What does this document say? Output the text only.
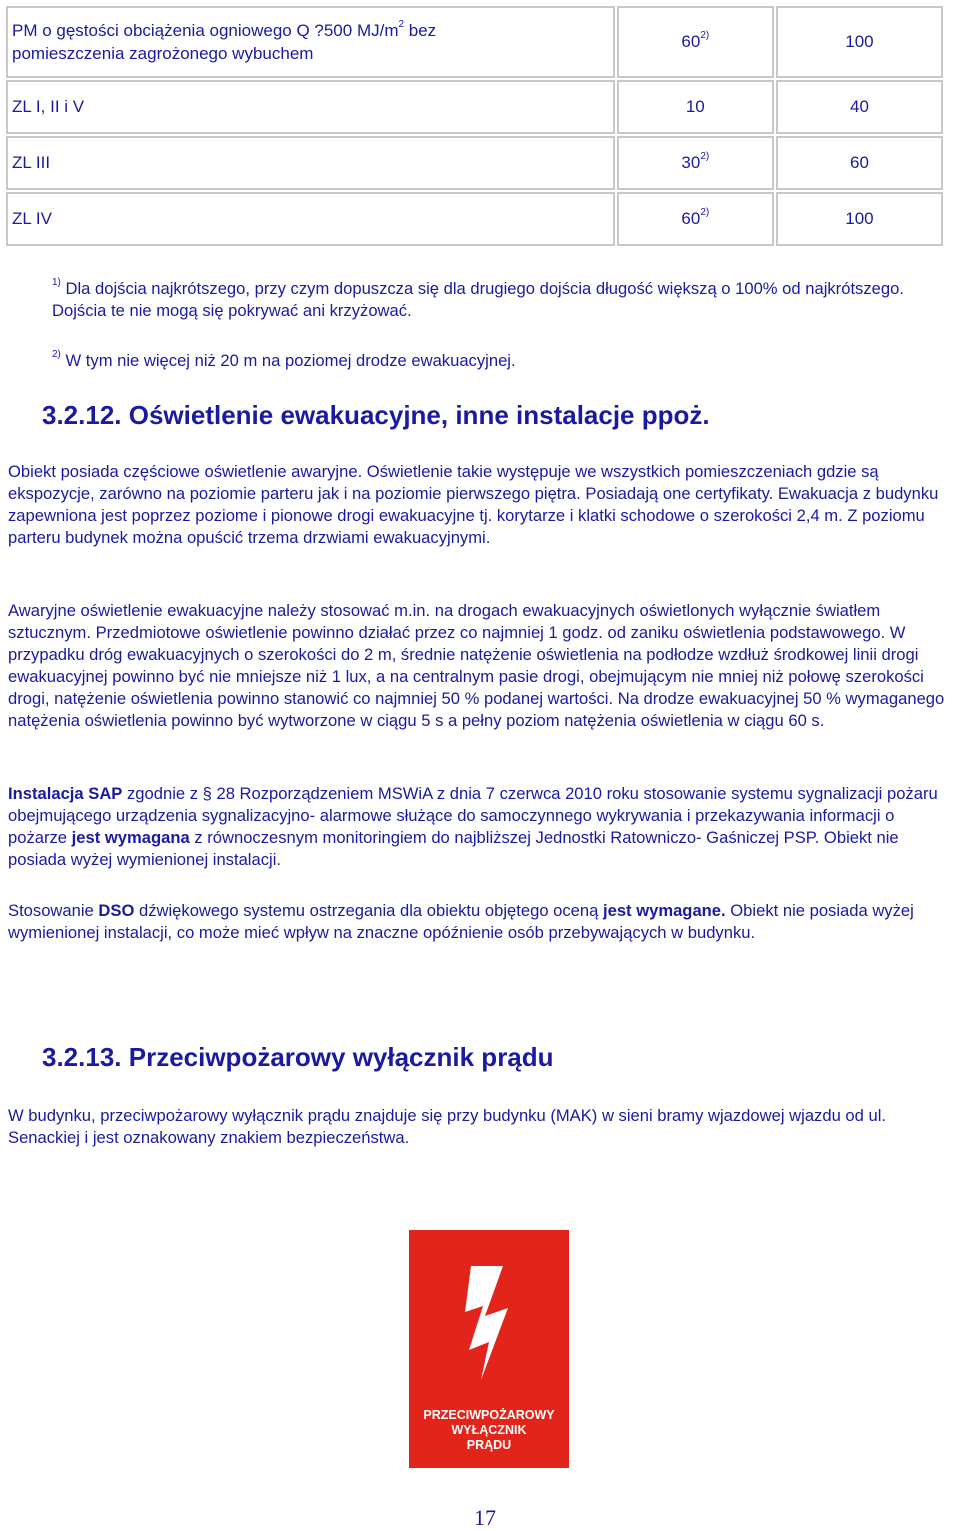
PM o gęstości obciążenia ogniowego Q ?500 $MJ/m^2$ bez
pomieszczenia zagrożonego wybuchem	60$^{2)}$	100
ZL I, II i V	10	40
ZL III	30$^{2)}$	60
ZL IV	60$^{2)}$	100
$^{1)}$ Dla dojścia najkrótszego, przy czym dopuszcza się dla drugiego dojścia długość większą o 100% od najkrótszego. Dojścia te nie mogą się pokrywać ani krzyżować.
$^{2)}$ W tym nie więcej niż 20 m na poziomej drodze ewakuacyjnej.
3.2.12. Oświetlenie ewakuacyjne, inne instalacje ppoż.
Obiekt posiada częściowe oświetlenie awaryjne. Oświetlenie takie występuje we wszystkich pomieszczeniach gdzie są ekspozycje, zarówno na poziomie parteru jak i na poziomie pierwszego piętra. Posiadają one certyfikaty. Ewakuacja z budynku zapewniona jest poprzez poziome i pionowe drogi ewakuacyjne tj. korytarze i klatki schodowe o szerokości 2,4 m. Z poziomu parteru budynek można opuścić trzema drzwiami ewakuacyjnymi.
Awaryjne oświetlenie ewakuacyjne należy stosować m.in. na drogach ewakuacyjnych oświetlonych wyłącznie światłem sztucznym. Przedmiotowe oświetlenie powinno działać przez co najmniej 1 godz. od zaniku oświetlenia podstawowego. W przypadku dróg ewakuacyjnych o szerokości do 2 m, średnie natężenie oświetlenia na podłodze wzdłuż środkowej linii drogi ewakuacyjnej powinno być nie mniejsze niż 1 lux, a na centralnym pasie drogi, obejmującym nie mniej niż połowę szerokości drogi, natężenie oświetlenia powinno stanowić co najmniej 50 % podanej wartości. Na drodze ewakuacyjnej 50 % wymaganego natężenia oświetlenia powinno być wytworzone w ciągu 5 s a pełny poziom natężenia oświetlenia w ciągu 60 s.
Instalacja SAP zgodnie z § 28 Rozporządzeniem MSWiA z dnia 7 czerwca 2010 roku stosowanie systemu sygnalizacji pożaru obejmującego urządzenia sygnalizacyjno- alarmowe służące do samoczynnego wykrywania i przekazywania informacji o pożarze jest wymagana z równoczesnym monitoringiem do najbliższej Jednostki Ratowniczo- Gaśniczej PSP. Obiekt nie posiada wyżej wymienionej instalacji.
Stosowanie DSO dźwiękowego systemu ostrzegania dla obiektu objętego oceną jest wymagane. Obiekt nie posiada wyżej wymienionej instalacji, co może mieć wpływ na znaczne opóźnienie osób przebywających w budynku.
3.2.13. Przeciwpożarowy wyłącznik prądu
W budynku, przeciwpożarowy wyłącznik prądu znajduje się przy budynku (MAK) w sieni bramy wjazdowej wjazdu od ul. Senackiej i jest oznakowany znakiem bezpieczeństwa.
PRZECIWPOŻAROWY
WYŁĄCZNIK
PRĄDU
17
